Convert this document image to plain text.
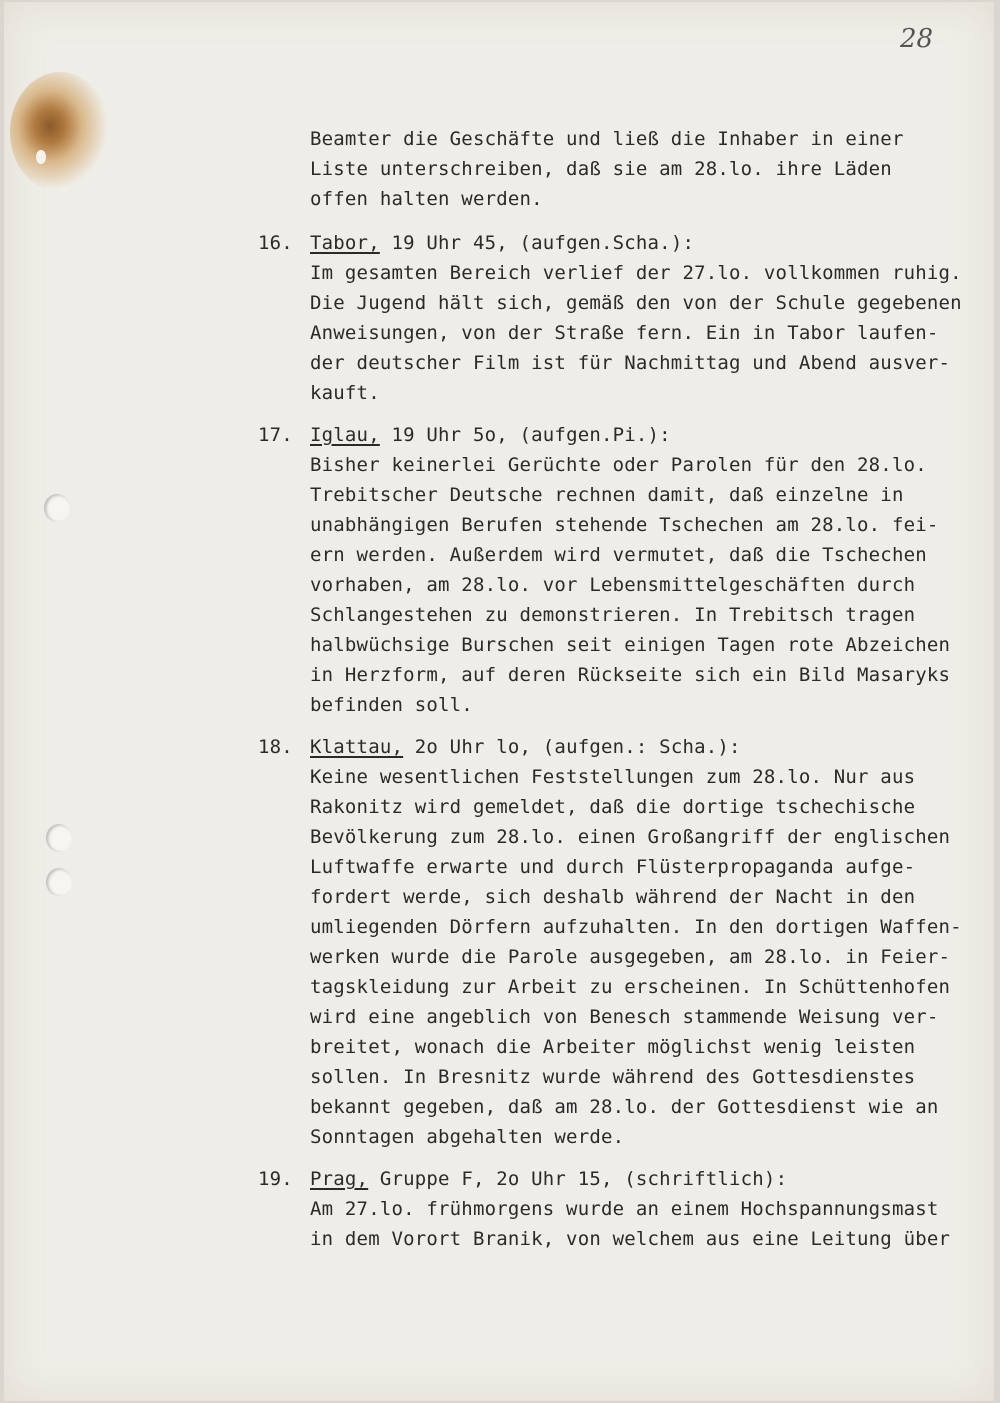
28
Beamter die Geschäfte und ließ die Inhaber in einer
Liste unterschreiben, daß sie am 28.lo. ihre Läden
offen halten werden.
16. Tabor, 19 Uhr 45, (aufgen.Scha.):
Im gesamten Bereich verlief der 27.lo. vollkommen ruhig.
Die Jugend hält sich, gemäß den von der Schule gegebenen
Anweisungen, von der Straße fern. Ein in Tabor laufen-
der deutscher Film ist für Nachmittag und Abend ausver-
kauft.
17. Iglau, 19 Uhr 5o, (aufgen.Pi.):
Bisher keinerlei Gerüchte oder Parolen für den 28.lo.
Trebitscher Deutsche rechnen damit, daß einzelne in
unabhängigen Berufen stehende Tschechen am 28.lo. fei-
ern werden. Außerdem wird vermutet, daß die Tschechen
vorhaben, am 28.lo. vor Lebensmittelgeschäften durch
Schlangestehen zu demonstrieren. In Trebitsch tragen
halbwüchsige Burschen seit einigen Tagen rote Abzeichen
in Herzform, auf deren Rückseite sich ein Bild Masaryks
befinden soll.
18. Klattau, 2o Uhr lo, (aufgen.: Scha.):
Keine wesentlichen Feststellungen zum 28.lo. Nur aus
Rakonitz wird gemeldet, daß die dortige tschechische
Bevölkerung zum 28.lo. einen Großangriff der englischen
Luftwaffe erwarte und durch Flüsterpropaganda aufge-
fordert werde, sich deshalb während der Nacht in den
umliegenden Dörfern aufzuhalten. In den dortigen Waffen-
werken wurde die Parole ausgegeben, am 28.lo. in Feier-
tagskleidung zur Arbeit zu erscheinen. In Schüttenhofen
wird eine angeblich von Benesch stammende Weisung ver-
breitet, wonach die Arbeiter möglichst wenig leisten
sollen. In Bresnitz wurde während des Gottesdienstes
bekannt gegeben, daß am 28.lo. der Gottesdienst wie an
Sonntagen abgehalten werde.
19. Prag, Gruppe F, 2o Uhr 15, (schriftlich):
Am 27.lo. frühmorgens wurde an einem Hochspannungsmast
in dem Vorort Branik, von welchem aus eine Leitung über
